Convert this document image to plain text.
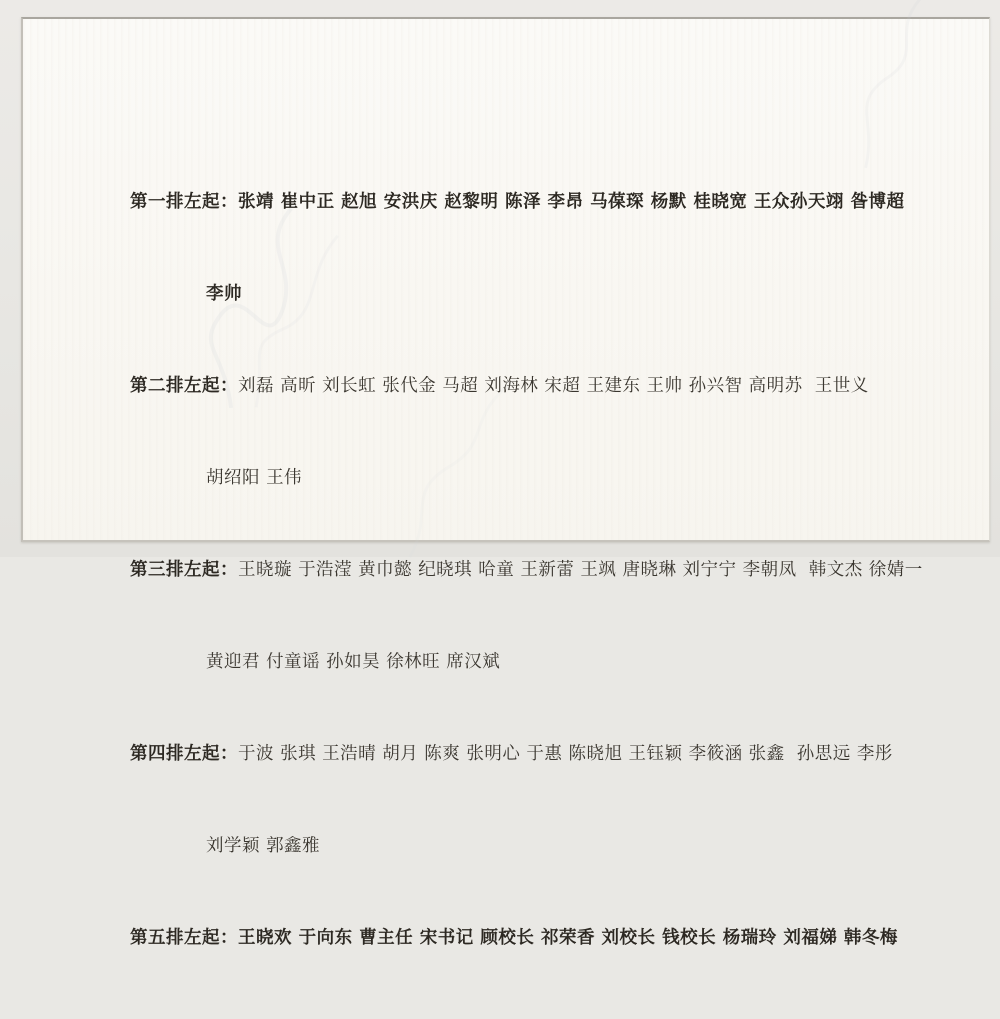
第一排左起：张靖 崔中正 赵旭 安洪庆 赵黎明 陈泽 李昂 马葆琛 杨默 桂晓宽 王众孙天翊 昝博超

李帅

第二排左起：刘磊 高昕 刘长虹 张代金 马超 刘海林 宋超 王建东 王帅 孙兴智 高明苏  王世义

胡绍阳 王伟

第三排左起：王晓璇 于浩滢 黄巾懿 纪晓琪 哈童 王新蕾 王飒 唐晓琳 刘宁宁 李朝凤  韩文杰 徐婧一

黄迎君 付童谣 孙如昊 徐林旺 席汉斌

第四排左起：于波 张琪 王浩晴 胡月 陈爽 张明心 于惠 陈晓旭 王钰颖 李筱涵 张鑫  孙思远 李彤

刘学颖 郭鑫雅

第五排左起：王晓欢 于向东 曹主任 宋书记 顾校长 祁荣香 刘校长 钱校长 杨瑞玲 刘福娣 韩冬梅
